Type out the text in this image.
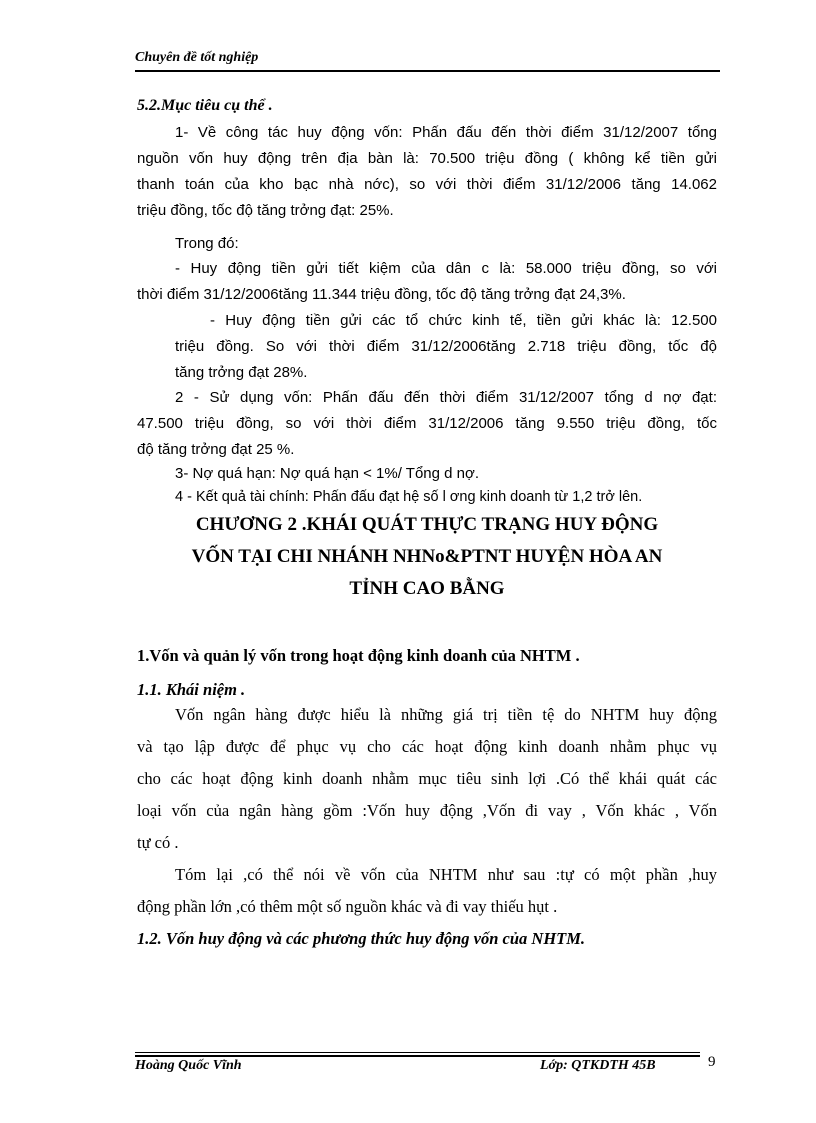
Chuyên đề tốt nghiệp
5.2.Mục tiêu cụ thể .
1- Về công tác huy động vốn: Phấn đấu đến thời điểm 31/12/2007 tổng
nguồn vốn huy động trên địa bàn là: 70.500 triệu đồng ( không kể tiền gửi
thanh toán của kho bạc nhà nớc), so với thời điểm 31/12/2006 tăng 14.062
triệu đồng, tốc độ tăng trởng đạt: 25%.
Trong đó:
- Huy động tiền gửi tiết kiệm của dân c là: 58.000 triệu đồng, so với
thời điểm 31/12/2006tăng 11.344 triệu đồng, tốc độ tăng trởng đạt 24,3%.
- Huy động tiền gửi các tổ chức kinh tế, tiền gửi khác là: 12.500
triệu đồng. So với thời điểm 31/12/2006tăng 2.718 triệu đồng, tốc độ
tăng trởng đạt 28%.
2 - Sử dụng vốn: Phấn đấu đến thời điểm 31/12/2007 tổng d nợ đạt:
47.500 triệu đồng, so với thời điểm 31/12/2006 tăng 9.550 triệu đồng, tốc
độ tăng trởng đạt 25 %.
3- Nợ quá hạn: Nợ quá hạn < 1%/ Tổng d nợ.
4 - Kết quả tài chính: Phấn đấu đạt hệ số l ơng kinh doanh từ 1,2 trở lên.
CHƯƠNG 2 .KHÁI QUÁT THỰC TRẠNG HUY ĐỘNG
VỐN TẠI CHI NHÁNH NHNo&PTNT HUYỆN HÒA AN
TỈNH CAO BẰNG
1.Vốn và quản lý vốn trong hoạt động kinh doanh của NHTM .
1.1. Khái niệm .
Vốn ngân hàng được hiểu là những giá trị tiền tệ do NHTM huy động
và tạo lập được để phục vụ cho các hoạt động kinh doanh nhằm phục vụ
cho các hoạt động kinh doanh nhằm mục tiêu sinh lợi .Có thể khái quát các
loại vốn của ngân hàng gồm :Vốn huy động ,Vốn đi vay , Vốn khác , Vốn
tự có .
Tóm lại ,có thể nói về vốn của NHTM như sau :tự có một phần ,huy
động phần lớn ,có thêm một số nguồn khác và đi vay thiếu hụt .
1.2. Vốn huy động và các phương thức huy động vốn của NHTM.
Hoàng Quốc Vĩnh	Lớp: QTKDTH 45B	9
